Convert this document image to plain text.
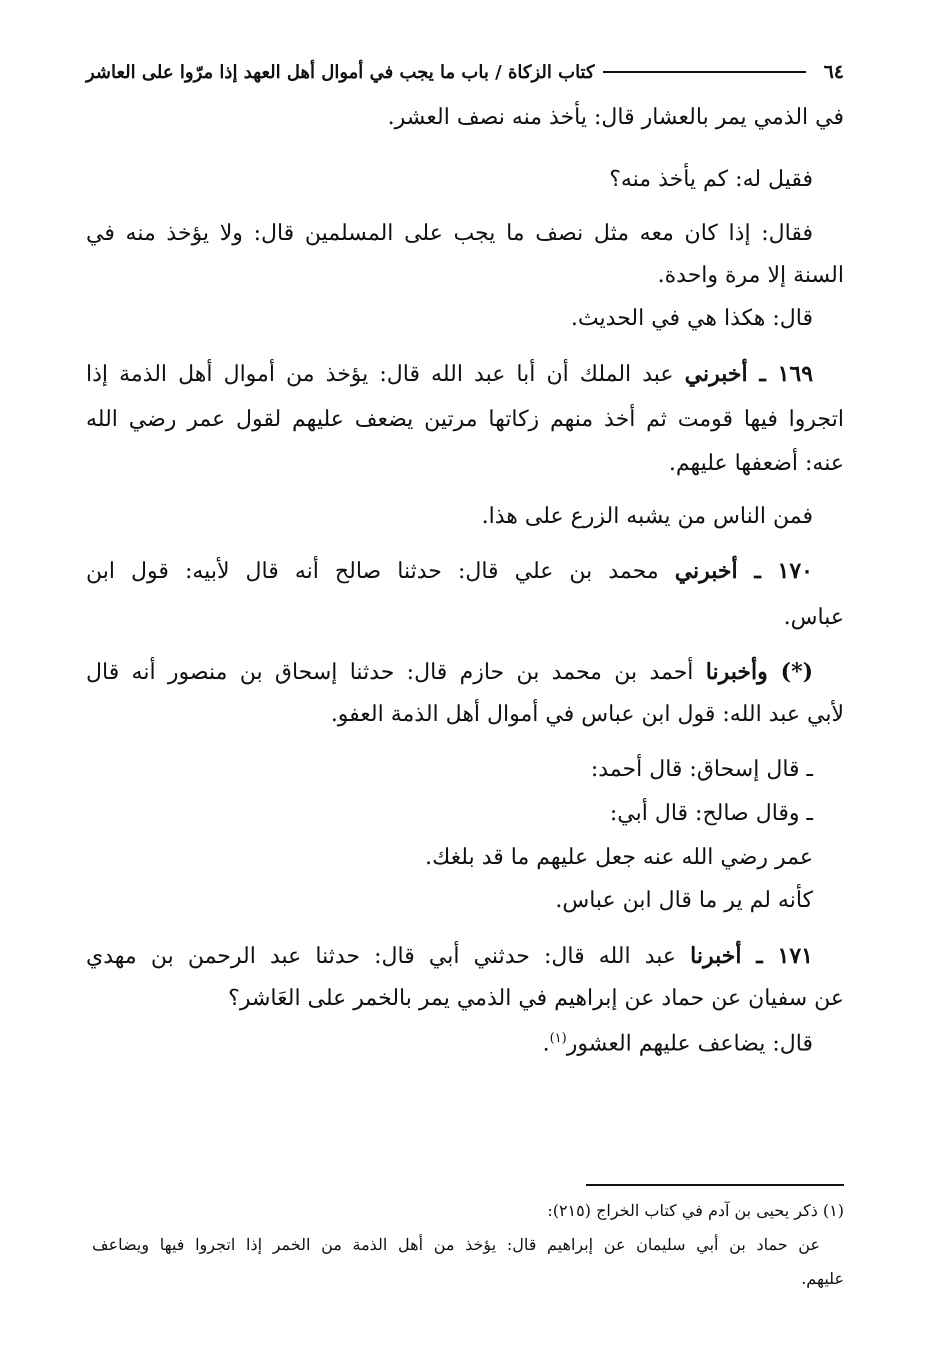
٦٤
كتاب الزكاة / باب ما يجب في أموال أهل العهد إذا مرّوا على العاشر
في الذمي يمر بالعشار قال: يأخذ منه نصف العشر.
فقيل له: كم يأخذ منه؟
فقال: إذا كان معه مثل نصف ما يجب على المسلمين قال: ولا يؤخذ منه في
السنة إلا مرة واحدة.
قال: هكذا هي في الحديث.
١٦٩ ـ أخبرني عبد الملك أن أبا عبد الله قال: يؤخذ من أموال أهل الذمة إذا
اتجروا فيها قومت ثم أخذ منهم زكاتها مرتين يضعف عليهم لقول عمر رضي الله
عنه: أضعفها عليهم.
فمن الناس من يشبه الزرع على هذا.
١٧٠ ـ أخبرني محمد بن علي قال: حدثنا صالح أنه قال لأبيه: قول ابن
عباس.
(*) وأخبرنا أحمد بن محمد بن حازم قال: حدثنا إسحاق بن منصور أنه قال
لأبي عبد الله: قول ابن عباس في أموال أهل الذمة العفو.
ـ قال إسحاق: قال أحمد:
ـ وقال صالح: قال أبي:
عمر رضي الله عنه جعل عليهم ما قد بلغك.
كأنه لم ير ما قال ابن عباس.
١٧١ ـ أخبرنا عبد الله قال: حدثني أبي قال: حدثنا عبد الرحمن بن مهدي
عن سفيان عن حماد عن إبراهيم في الذمي يمر بالخمر على العَاشر؟
قال: يضاعف عليهم العشور$^{(١)}$.
(١) ذكر يحيى بن آدم في كتاب الخراج (٢١٥):
عن حماد بن أبي سليمان عن إبراهيم قال: يؤخذ من أهل الذمة من الخمر إذا اتجروا فيها ويضاعف
عليهم.
